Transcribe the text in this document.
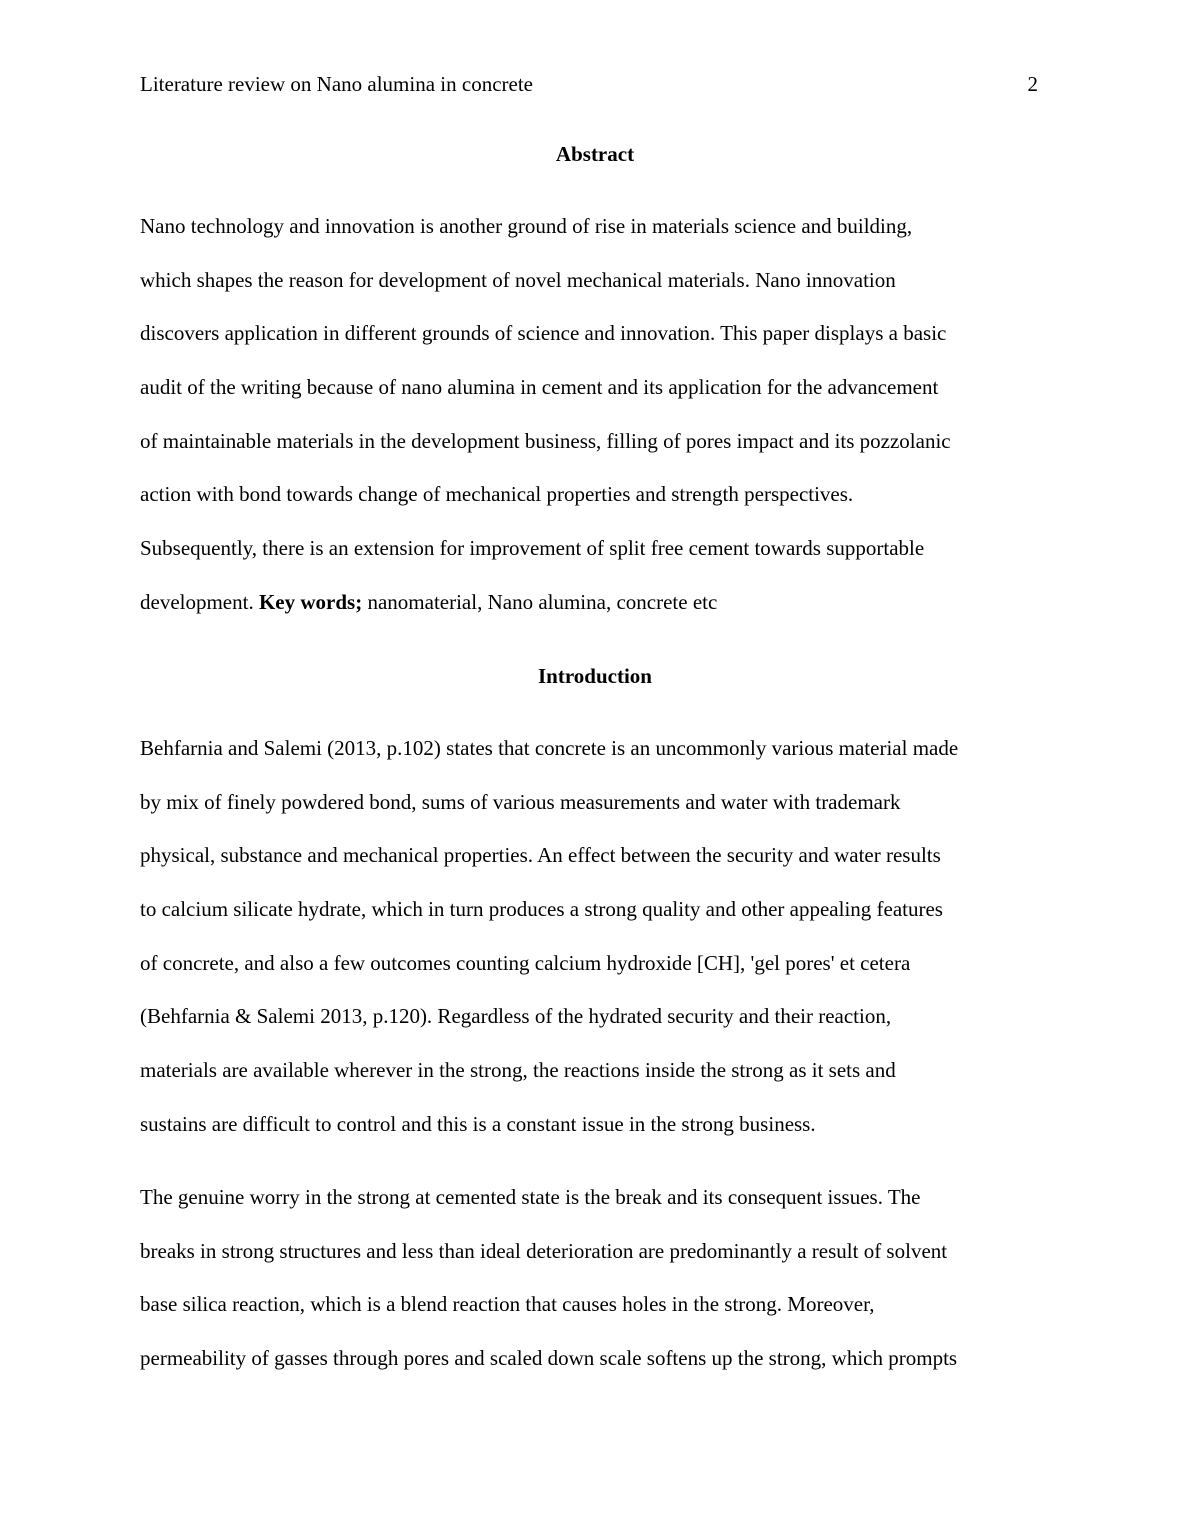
Literature review on Nano alumina in concrete	2
Abstract
Nano technology and innovation is another ground of rise in materials science and building,
which shapes the reason for development of novel mechanical materials. Nano innovation
discovers application in different grounds of science and innovation. This paper displays a basic
audit of the writing because of nano alumina in cement and its application for the advancement
of maintainable materials in the development business, filling of pores impact and its pozzolanic
action with bond towards change of mechanical properties and strength perspectives.
Subsequently, there is an extension for improvement of split free cement towards supportable
development. Key words; nanomaterial, Nano alumina, concrete etc
Introduction
Behfarnia and Salemi (2013, p.102) states that concrete is an uncommonly various material made
by mix of finely powdered bond, sums of various measurements and water with trademark
physical, substance and mechanical properties. An effect between the security and water results
to calcium silicate hydrate, which in turn produces a strong quality and other appealing features
of concrete, and also a few outcomes counting calcium hydroxide [CH], 'gel pores' et cetera
(Behfarnia & Salemi 2013, p.120). Regardless of the hydrated security and their reaction,
materials are available wherever in the strong, the reactions inside the strong as it sets and
sustains are difficult to control and this is a constant issue in the strong business.
The genuine worry in the strong at cemented state is the break and its consequent issues. The
breaks in strong structures and less than ideal deterioration are predominantly a result of solvent
base silica reaction, which is a blend reaction that causes holes in the strong. Moreover,
permeability of gasses through pores and scaled down scale softens up the strong, which prompts
